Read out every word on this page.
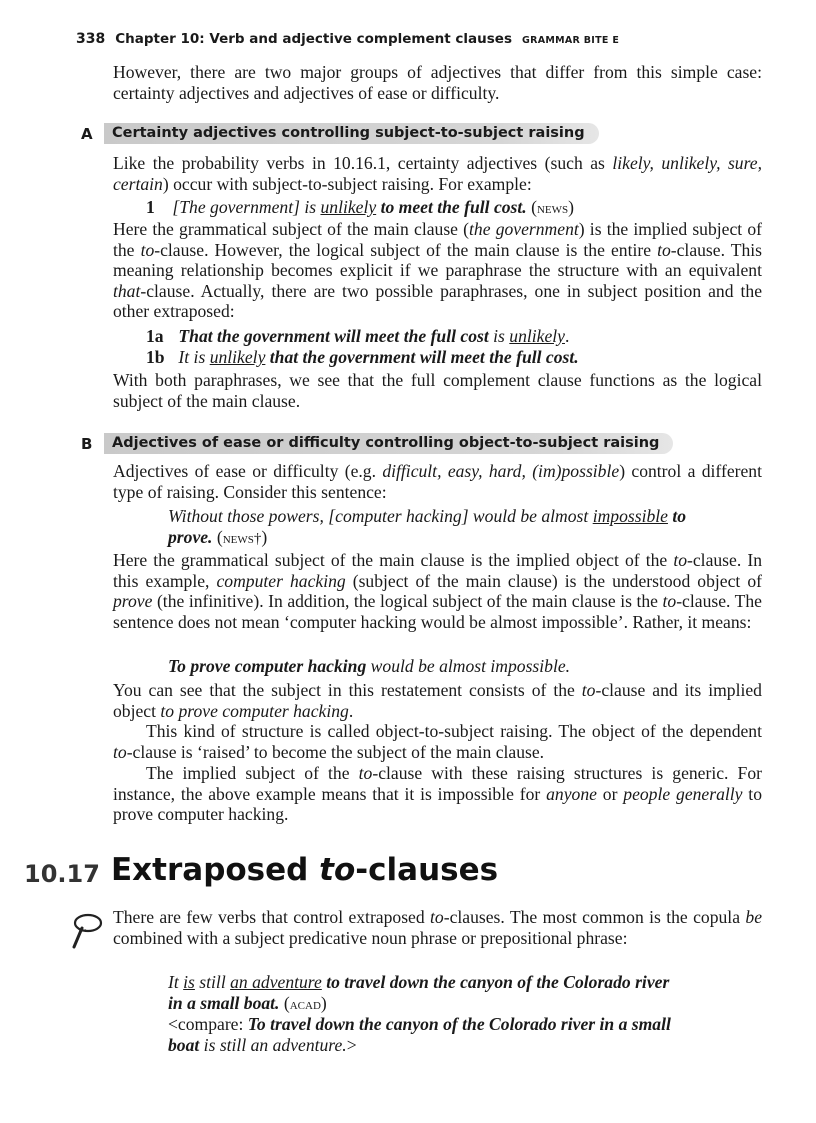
338 Chapter 10: Verb and adjective complement clauses GRAMMAR BITE E

However, there are two major groups of adjectives that differ from this simple case: certainty adjectives and adjectives of ease or difficulty.

A	Certainty adjectives controlling subject-to-subject raising

Like the probability verbs in 10.16.1, certainty adjectives (such as likely, unlikely, sure, certain) occur with subject-to-subject raising. For example:

1 [The government] is unlikely to meet the full cost. (news)

Here the grammatical subject of the main clause (the government) is the implied subject of the to-clause. However, the logical subject of the main clause is the entire to-clause. This meaning relationship becomes explicit if we paraphrase the structure with an equivalent that-clause. Actually, there are two possible paraphrases, one in subject position and the other extraposed:

1a That the government will meet the full cost is unlikely.

1b It is unlikely that the government will meet the full cost.

With both paraphrases, we see that the full complement clause functions as the logical subject of the main clause.

B	Adjectives of ease or difficulty controlling object-to-subject raising

Adjectives of ease or difficulty (e.g. difficult, easy, hard, (im)possible) control a different type of raising. Consider this sentence:

Without those powers, [computer hacking] would be almost impossible to
prove. (news†)

Here the grammatical subject of the main clause is the implied object of the to-clause. In this example, computer hacking (subject of the main clause) is the understood object of prove (the infinitive). In addition, the logical subject of the main clause is the to-clause. The sentence does not mean ‘computer hacking would be almost impossible’. Rather, it means:

To prove computer hacking would be almost impossible.

You can see that the subject in this restatement consists of the to-clause and its implied object to prove computer hacking.

This kind of structure is called object-to-subject raising. The object of the dependent to-clause is ‘raised’ to become the subject of the main clause.

The implied subject of the to-clause with these raising structures is generic. For instance, the above example means that it is impossible for anyone or people generally to prove computer hacking.

10.17 Extraposed to-clauses

There are few verbs that control extraposed to-clauses. The most common is the copula be combined with a subject predicative noun phrase or prepositional phrase:

It is still an adventure to travel down the canyon of the Colorado river
in a small boat. (acad)

<compare: To travel down the canyon of the Colorado river in a small
boat is still an adventure.>
